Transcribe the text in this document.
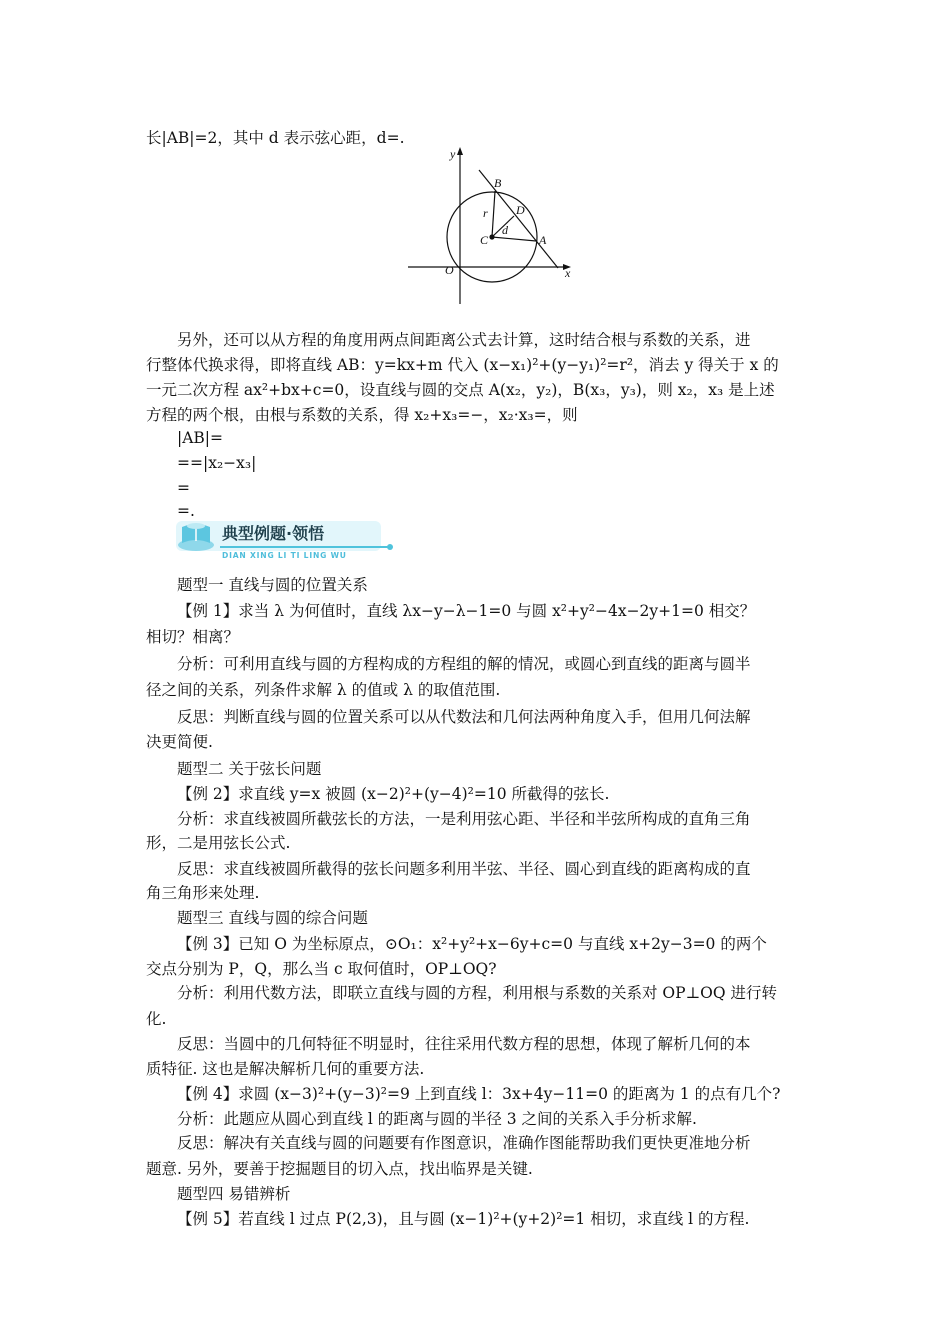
长|AB|=2，其中 d 表示弦心距，d=.
y
x
O
B
r D
C
d
A
另外，还可以从方程的角度用两点间距离公式去计算，这时结合根与系数的关系，进
行整体代换求得，即将直线 AB：y=kx+m 代入 (x−x₁)²+(y−y₁)²=r²，消去 y 得关于 x 的
一元二次方程 ax²+bx+c=0，设直线与圆的交点 A(x₂，y₂)，B(x₃，y₃)，则 x₂，x₃ 是上述
方程的两个根，由根与系数的关系，得 x₂+x₃=−，x₂·x₃=，则
|AB|=
==|x₂−x₃|
=
=.
典型例题·领悟
DIAN XING LI TI LING WU
题型一 直线与圆的位置关系
【例 1】求当 λ 为何值时，直线 λx−y−λ−1=0 与圆 x²+y²−4x−2y+1=0 相交？
相切？相离？
分析：可利用直线与圆的方程构成的方程组的解的情况，或圆心到直线的距离与圆半
径之间的关系，列条件求解 λ 的值或 λ 的取值范围.
反思：判断直线与圆的位置关系可以从代数法和几何法两种角度入手，但用几何法解
决更简便.
题型二 关于弦长问题
【例 2】求直线 y=x 被圆 (x−2)²+(y−4)²=10 所截得的弦长.
分析：求直线被圆所截弦长的方法，一是利用弦心距、半径和半弦所构成的直角三角
形，二是用弦长公式.
反思：求直线被圆所截得的弦长问题多利用半弦、半径、圆心到直线的距离构成的直
角三角形来处理.
题型三 直线与圆的综合问题
【例 3】已知 O 为坐标原点，⊙O₁：x²+y²+x−6y+c=0 与直线 x+2y−3=0 的两个
交点分别为 P，Q，那么当 c 取何值时，OP⊥OQ?
分析：利用代数方法，即联立直线与圆的方程，利用根与系数的关系对 OP⊥OQ 进行转
化.
反思：当圆中的几何特征不明显时，往往采用代数方程的思想，体现了解析几何的本
质特征. 这也是解决解析几何的重要方法.
【例 4】求圆 (x−3)²+(y−3)²=9 上到直线 l：3x+4y−11=0 的距离为 1 的点有几个?
分析：此题应从圆心到直线 l 的距离与圆的半径 3 之间的关系入手分析求解.
反思：解决有关直线与圆的问题要有作图意识，准确作图能帮助我们更快更准地分析
题意. 另外，要善于挖掘题目的切入点，找出临界是关键.
题型四 易错辨析
【例 5】若直线 l 过点 P(2,3)，且与圆 (x−1)²+(y+2)²=1 相切，求直线 l 的方程.
